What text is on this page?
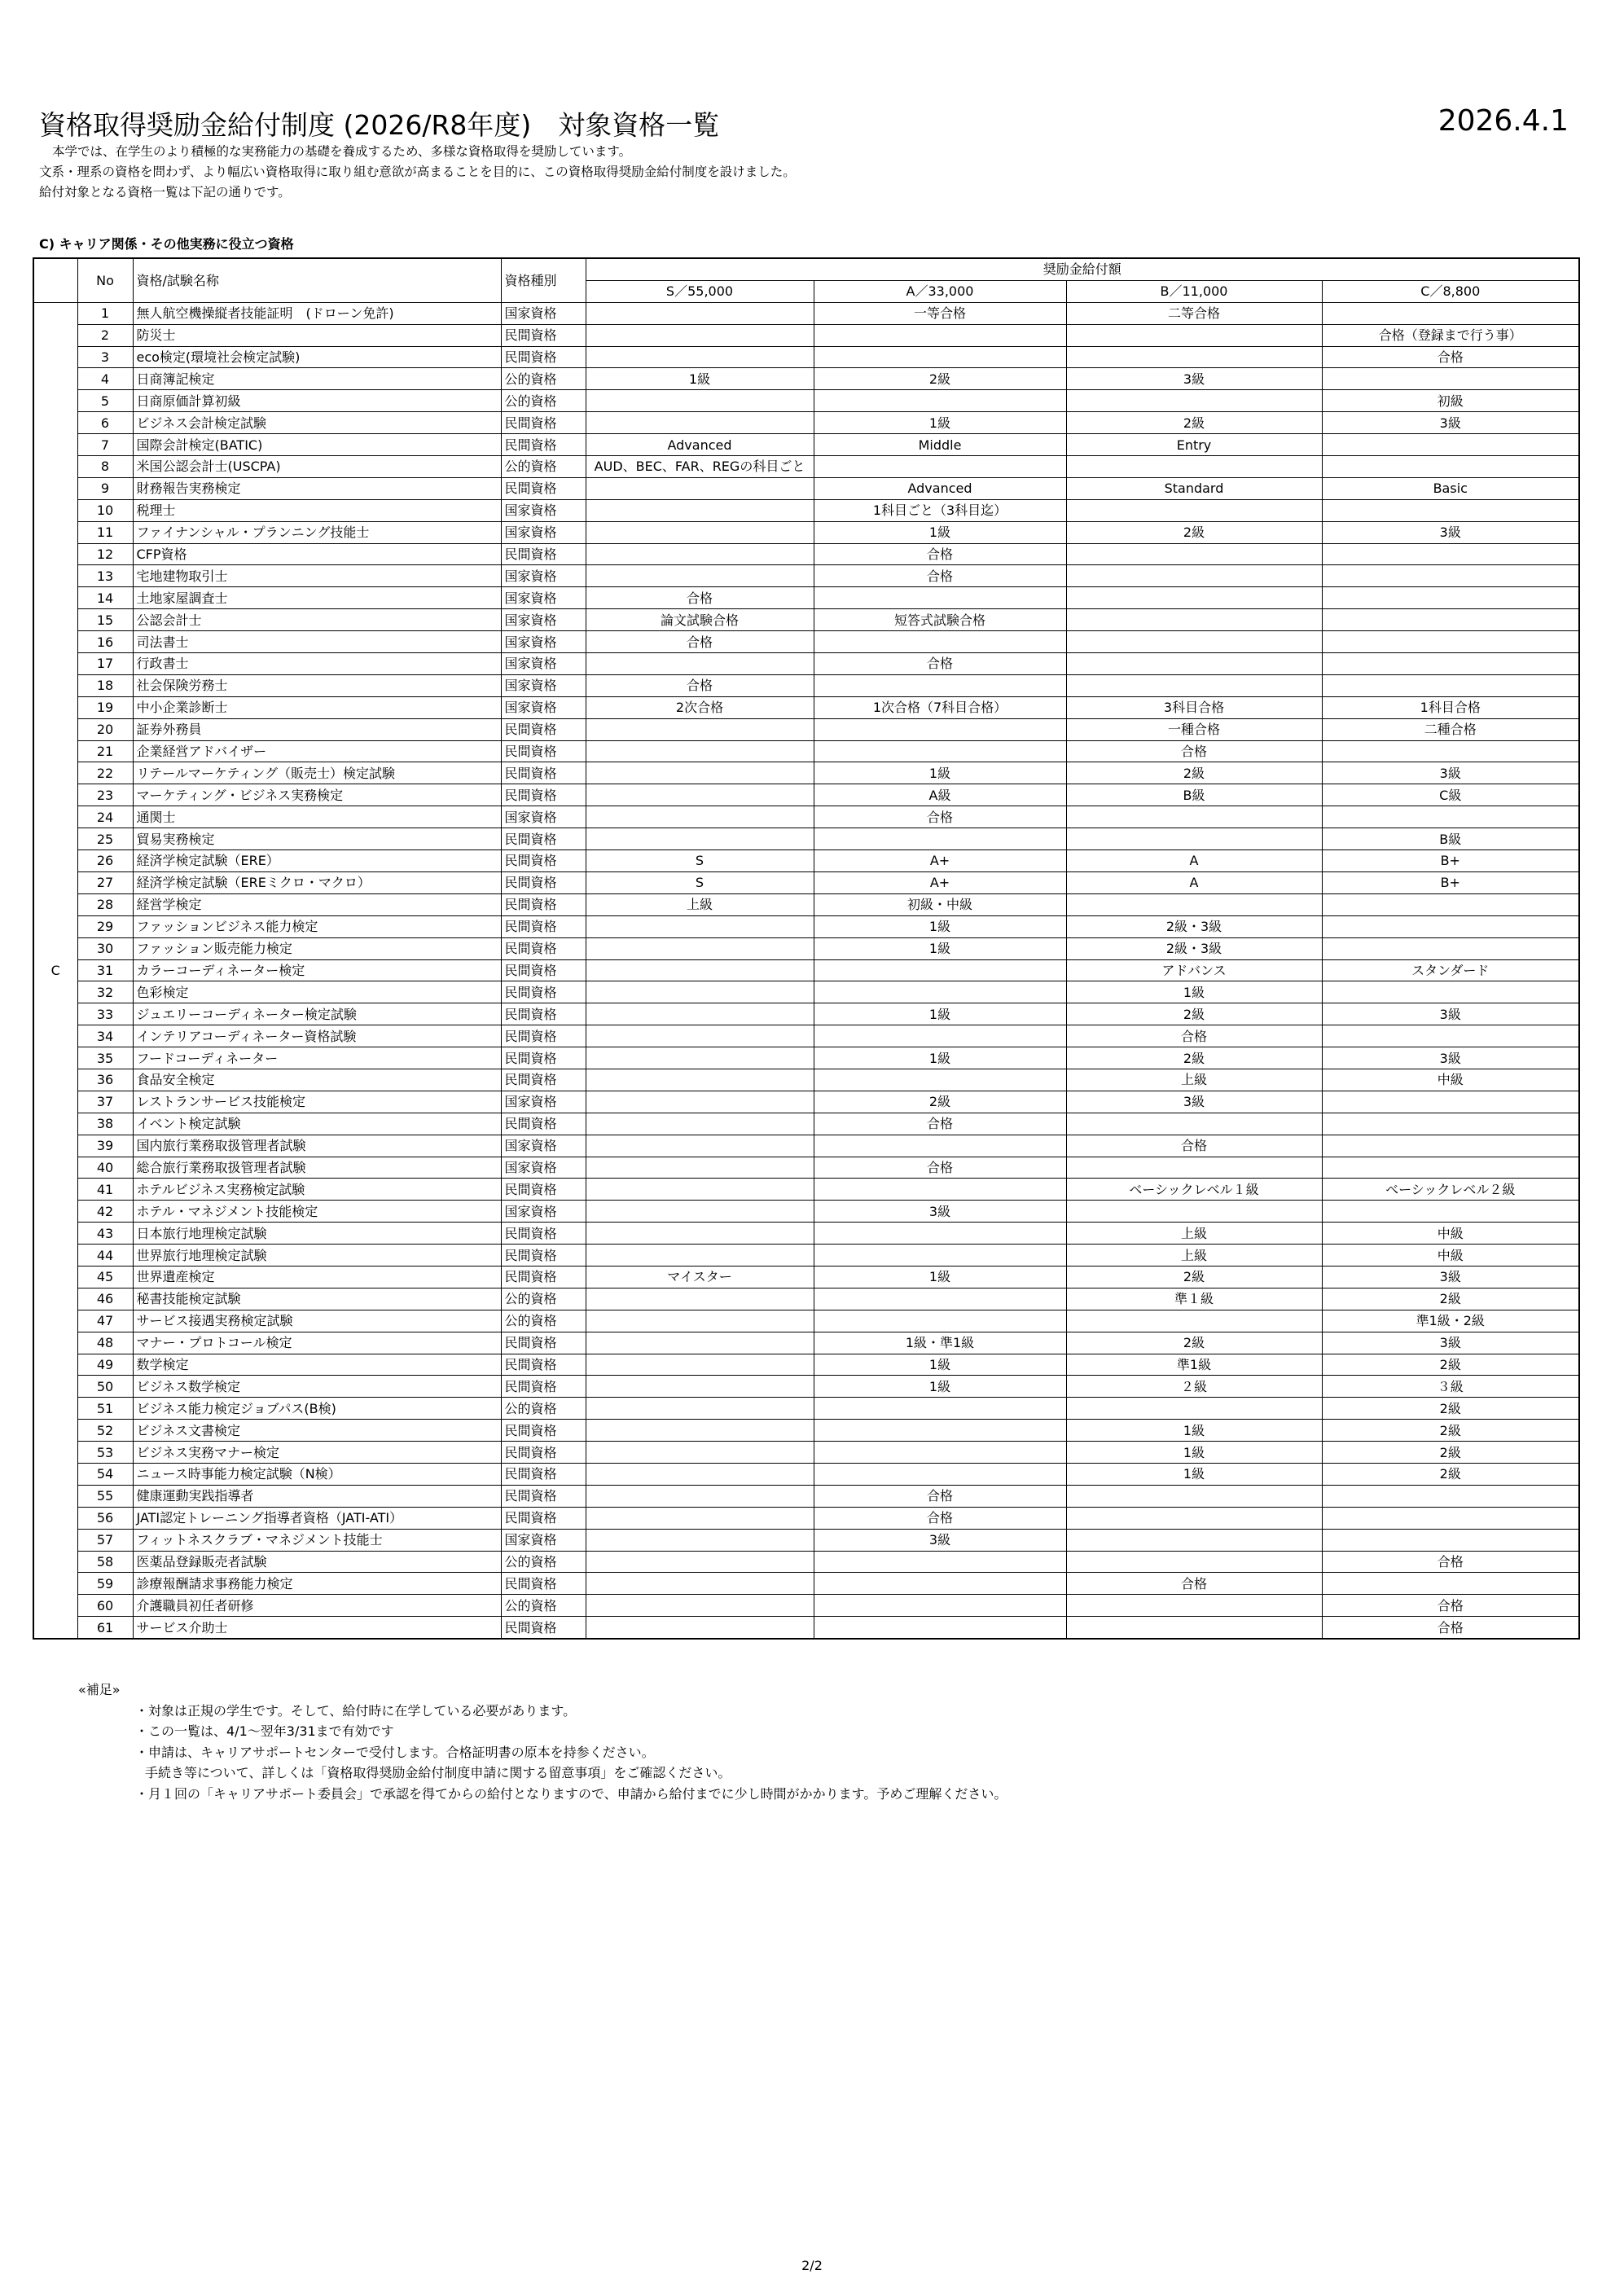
資格取得奨励金給付制度 (2026/R8年度)　対象資格一覧	2026.4.1
本学では、在学生のより積極的な実務能力の基礎を養成するため、多様な資格取得を奨励しています。
文系・理系の資格を問わず、より幅広い資格取得に取り組む意欲が高まることを目的に、この資格取得奨励金給付制度を設けました。
給付対象となる資格一覧は下記の通りです。
C) キャリア関係・その他実務に役立つ資格
	No	資格/試験名称	資格種別	奨励金給付額			
				S／55,000	A／33,000	B／11,000	C／8,800
C	1	無人航空機操縦者技能証明　(ドローン免許)	国家資格		一等合格	二等合格	
	2	防災士	民間資格				合格（登録まで行う事）
	3	eco検定(環境社会検定試験)	民間資格				合格
	4	日商簿記検定	公的資格	1級	2級	3級	
	5	日商原価計算初級	公的資格				初級
	6	ビジネス会計検定試験	民間資格		1級	2級	3級
	7	国際会計検定(BATIC)	民間資格	Advanced	Middle	Entry	
	8	米国公認会計士(USCPA)	公的資格	AUD、BEC、FAR、REGの科目ごと			
	9	財務報告実務検定	民間資格		Advanced	Standard	Basic
	10	税理士	国家資格		1科目ごと（3科目迄）		
	11	ファイナンシャル・プランニング技能士	国家資格		1級	2級	3級
	12	CFP資格	民間資格		合格		
	13	宅地建物取引士	国家資格		合格		
	14	土地家屋調査士	国家資格	合格			
	15	公認会計士	国家資格	論文試験合格	短答式試験合格		
	16	司法書士	国家資格	合格			
	17	行政書士	国家資格		合格		
	18	社会保険労務士	国家資格	合格			
	19	中小企業診断士	国家資格	2次合格	1次合格（7科目合格）	3科目合格	1科目合格
	20	証券外務員	民間資格			一種合格	二種合格
	21	企業経営アドバイザー	民間資格			合格	
	22	リテールマーケティング（販売士）検定試験	民間資格		1級	2級	3級
	23	マーケティング・ビジネス実務検定	民間資格		A級	B級	C級
	24	通関士	国家資格		合格		
	25	貿易実務検定	民間資格				B級
	26	経済学検定試験（ERE）	民間資格	S	A+	A	B+
	27	経済学検定試験（EREミクロ・マクロ）	民間資格	S	A+	A	B+
	28	経営学検定	民間資格	上級	初級・中級		
	29	ファッションビジネス能力検定	民間資格		1級	2級・3級	
	30	ファッション販売能力検定	民間資格		1級	2級・3級	
	31	カラーコーディネーター検定	民間資格			アドバンス	スタンダード
	32	色彩検定	民間資格			1級	
	33	ジュエリーコーディネーター検定試験	民間資格		1級	2級	3級
	34	インテリアコーディネーター資格試験	民間資格			合格	
	35	フードコーディネーター	民間資格		1級	2級	3級
	36	食品安全検定	民間資格			上級	中級
	37	レストランサービス技能検定	国家資格		2級	3級	
	38	イベント検定試験	民間資格		合格		
	39	国内旅行業務取扱管理者試験	国家資格			合格	
	40	総合旅行業務取扱管理者試験	国家資格		合格		
	41	ホテルビジネス実務検定試験	民間資格			ベーシックレベル１級	ベーシックレベル２級
	42	ホテル・マネジメント技能検定	国家資格		3級		
	43	日本旅行地理検定試験	民間資格			上級	中級
	44	世界旅行地理検定試験	民間資格			上級	中級
	45	世界遺産検定	民間資格	マイスター	1級	2級	3級
	46	秘書技能検定試験	公的資格			準１級	2級
	47	サービス接遇実務検定試験	公的資格				準1級・2級
	48	マナー・プロトコール検定	民間資格		1級・準1級	2級	3級
	49	数学検定	民間資格		1級	準1級	2級
	50	ビジネス数学検定	民間資格		1級	２級	３級
	51	ビジネス能力検定ジョブパス(B検)	公的資格				2級
	52	ビジネス文書検定	民間資格			1級	2級
	53	ビジネス実務マナー検定	民間資格			1級	2級
	54	ニュース時事能力検定試験（N検）	民間資格			1級	2級
	55	健康運動実践指導者	民間資格		合格		
	56	JATI認定トレーニング指導者資格（JATI-ATI）	民間資格		合格		
	57	フィットネスクラブ・マネジメント技能士	国家資格		3級		
	58	医薬品登録販売者試験	公的資格				合格
	59	診療報酬請求事務能力検定	民間資格			合格	
	60	介護職員初任者研修	公的資格				合格
	61	サービス介助士	民間資格				合格
«補足»
・対象は正規の学生です。そして、給付時に在学している必要があります。
・この一覧は、4/1～翌年3/31まで有効です
・申請は、キャリアサポートセンターで受付します。合格証明書の原本を持参ください。
手続き等について、詳しくは「資格取得奨励金給付制度申請に関する留意事項」をご確認ください。
・月１回の「キャリアサポート委員会」で承認を得てからの給付となりますので、申請から給付までに少し時間がかかります。予めご理解ください。
2/2
